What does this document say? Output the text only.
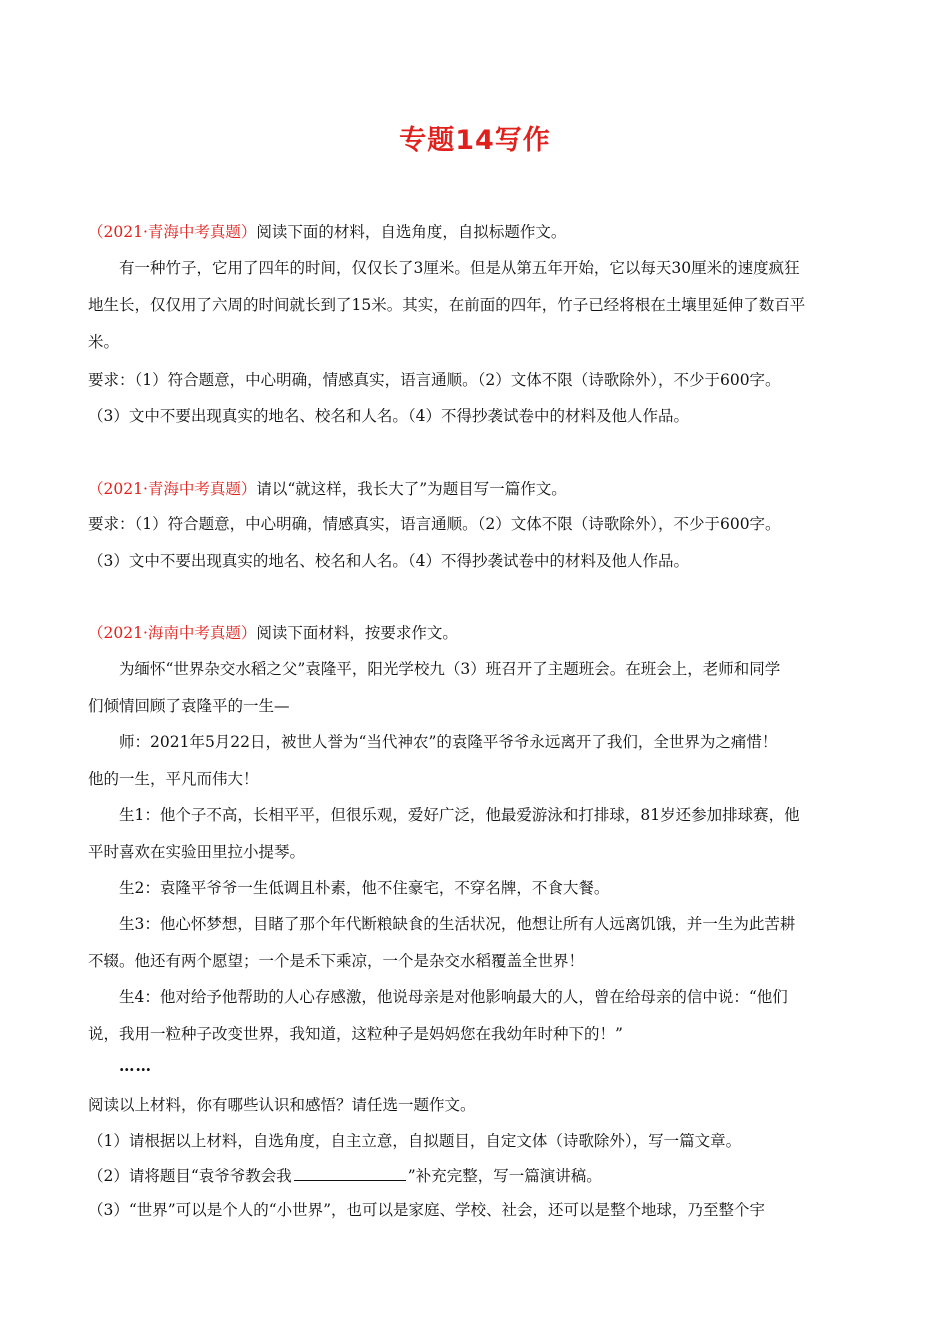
专题14写作
（2021·青海中考真题）阅读下面的材料，自选角度，自拟标题作文。
有一种竹子，它用了四年的时间，仅仅长了3厘米。但是从第五年开始，它以每天30厘米的速度疯狂
地生长，仅仅用了六周的时间就长到了15米。其实，在前面的四年，竹子已经将根在土壤里延伸了数百平
米。
要求：（1）符合题意，中心明确，情感真实，语言通顺。（2）文体不限（诗歌除外），不少于600字。
（3）文中不要出现真实的地名、校名和人名。（4）不得抄袭试卷中的材料及他人作品。
（2021·青海中考真题）请以“就这样，我长大了”为题目写一篇作文。
要求：（1）符合题意，中心明确，情感真实，语言通顺。（2）文体不限（诗歌除外），不少于600字。
（3）文中不要出现真实的地名、校名和人名。（4）不得抄袭试卷中的材料及他人作品。
（2021·海南中考真题）阅读下面材料，按要求作文。
为缅怀“世界杂交水稻之父”袁隆平，阳光学校九（3）班召开了主题班会。在班会上，老师和同学
们倾情回顾了袁隆平的一生—
师：2021年5月22日，被世人誉为“当代神农”的袁隆平爷爷永远离开了我们，全世界为之痛惜！
他的一生，平凡而伟大！
生1：他个子不高，长相平平，但很乐观，爱好广泛，他最爱游泳和打排球，81岁还参加排球赛，他
平时喜欢在实验田里拉小提琴。
生2：袁隆平爷爷一生低调且朴素，他不住豪宅，不穿名牌，不食大餐。
生3：他心怀梦想，目睹了那个年代断粮缺食的生活状况，他想让所有人远离饥饿，并一生为此苦耕
不辍。他还有两个愿望；一个是禾下乘凉，一个是杂交水稻覆盖全世界！
生4：他对给予他帮助的人心存感激，他说母亲是对他影响最大的人，曾在给母亲的信中说：“他们
说，我用一粒种子改变世界，我知道，这粒种子是妈妈您在我幼年时种下的！”
……
阅读以上材料，你有哪些认识和感悟？请任选一题作文。
（1）请根据以上材料，自选角度，自主立意，自拟题目，自定文体（诗歌除外），写一篇文章。
（2）请将题目“袁爷爷教会我	”补充完整，写一篇演讲稿。
（3）“世界”可以是个人的“小世界”，也可以是家庭、学校、社会，还可以是整个地球，乃至整个宇
